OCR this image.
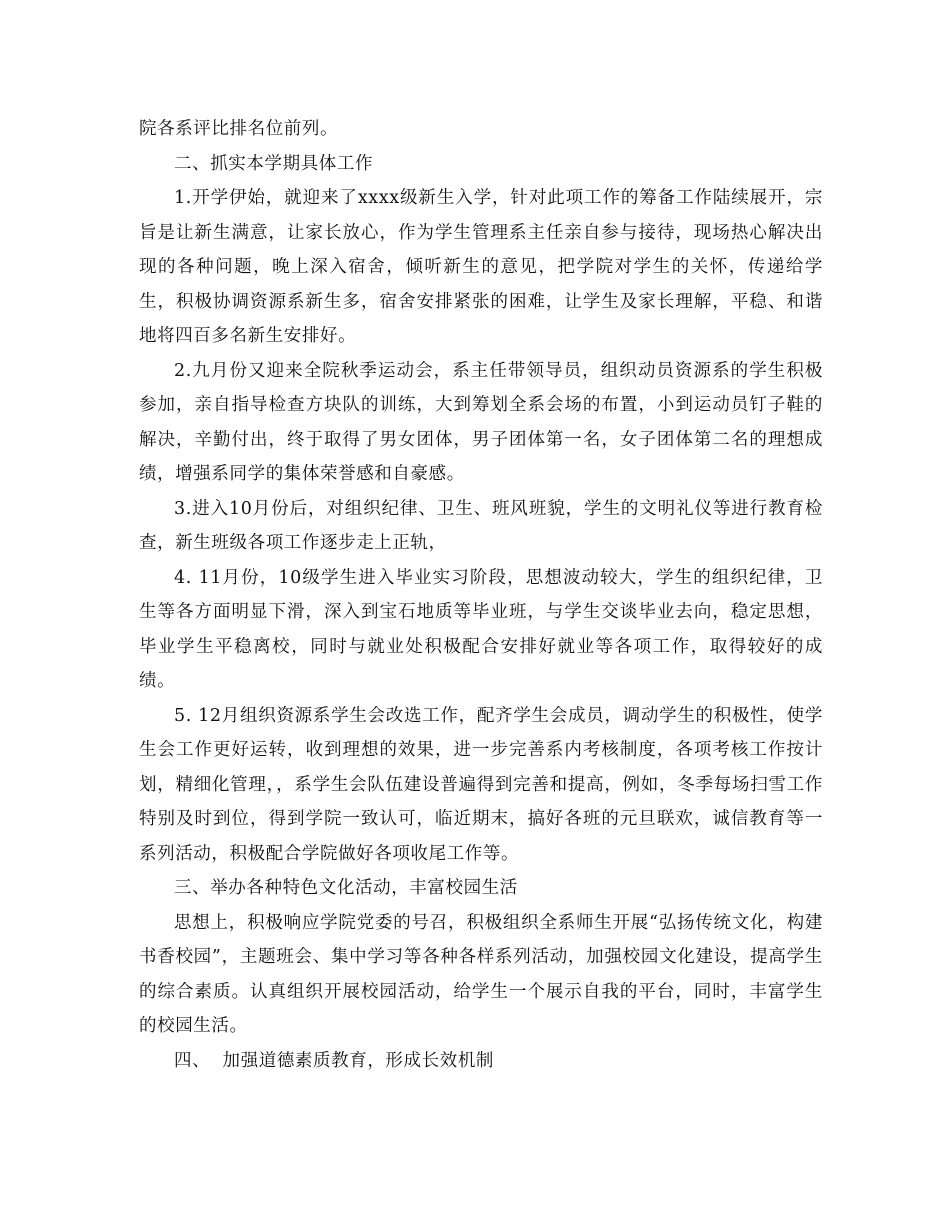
院各系评比排名位前列。

二、抓实本学期具体工作

1.开学伊始，就迎来了xxxx级新生入学，针对此项工作的筹备工作陆续展开，宗旨是让新生满意，让家长放心，作为学生管理系主任亲自参与接待，现场热心解决出现的各种问题，晚上深入宿舍，倾听新生的意见，把学院对学生的关怀，传递给学生，积极协调资源系新生多，宿舍安排紧张的困难，让学生及家长理解，平稳、和谐地将四百多名新生安排好。

2.九月份又迎来全院秋季运动会，系主任带领导员，组织动员资源系的学生积极参加，亲自指导检查方块队的训练，大到筹划全系会场的布置，小到运动员钉子鞋的解决，辛勤付出，终于取得了男女团体，男子团体第一名，女子团体第二名的理想成绩，增强系同学的集体荣誉感和自豪感。

3.进入10月份后，对组织纪律、卫生、班风班貌，学生的文明礼仪等进行教育检查，新生班级各项工作逐步走上正轨，

4. 11月份，10级学生进入毕业实习阶段，思想波动较大，学生的组织纪律，卫生等各方面明显下滑，深入到宝石地质等毕业班，与学生交谈毕业去向，稳定思想，毕业学生平稳离校，同时与就业处积极配合安排好就业等各项工作，取得较好的成绩。

5. 12月组织资源系学生会改选工作，配齐学生会成员，调动学生的积极性，使学生会工作更好运转，收到理想的效果，进一步完善系内考核制度，各项考核工作按计划，精细化管理，，系学生会队伍建设普遍得到完善和提高，例如，冬季每场扫雪工作特别及时到位，得到学院一致认可，临近期末，搞好各班的元旦联欢，诚信教育等一系列活动，积极配合学院做好各项收尾工作等。

三、举办各种特色文化活动，丰富校园生活

思想上，积极响应学院党委的号召，积极组织全系师生开展“弘扬传统文化，构建书香校园”，主题班会、集中学习等各种各样系列活动，加强校园文化建设，提高学生的综合素质。认真组织开展校园活动，给学生一个展示自我的平台，同时，丰富学生的校园生活。

四、  加强道德素质教育，形成长效机制
